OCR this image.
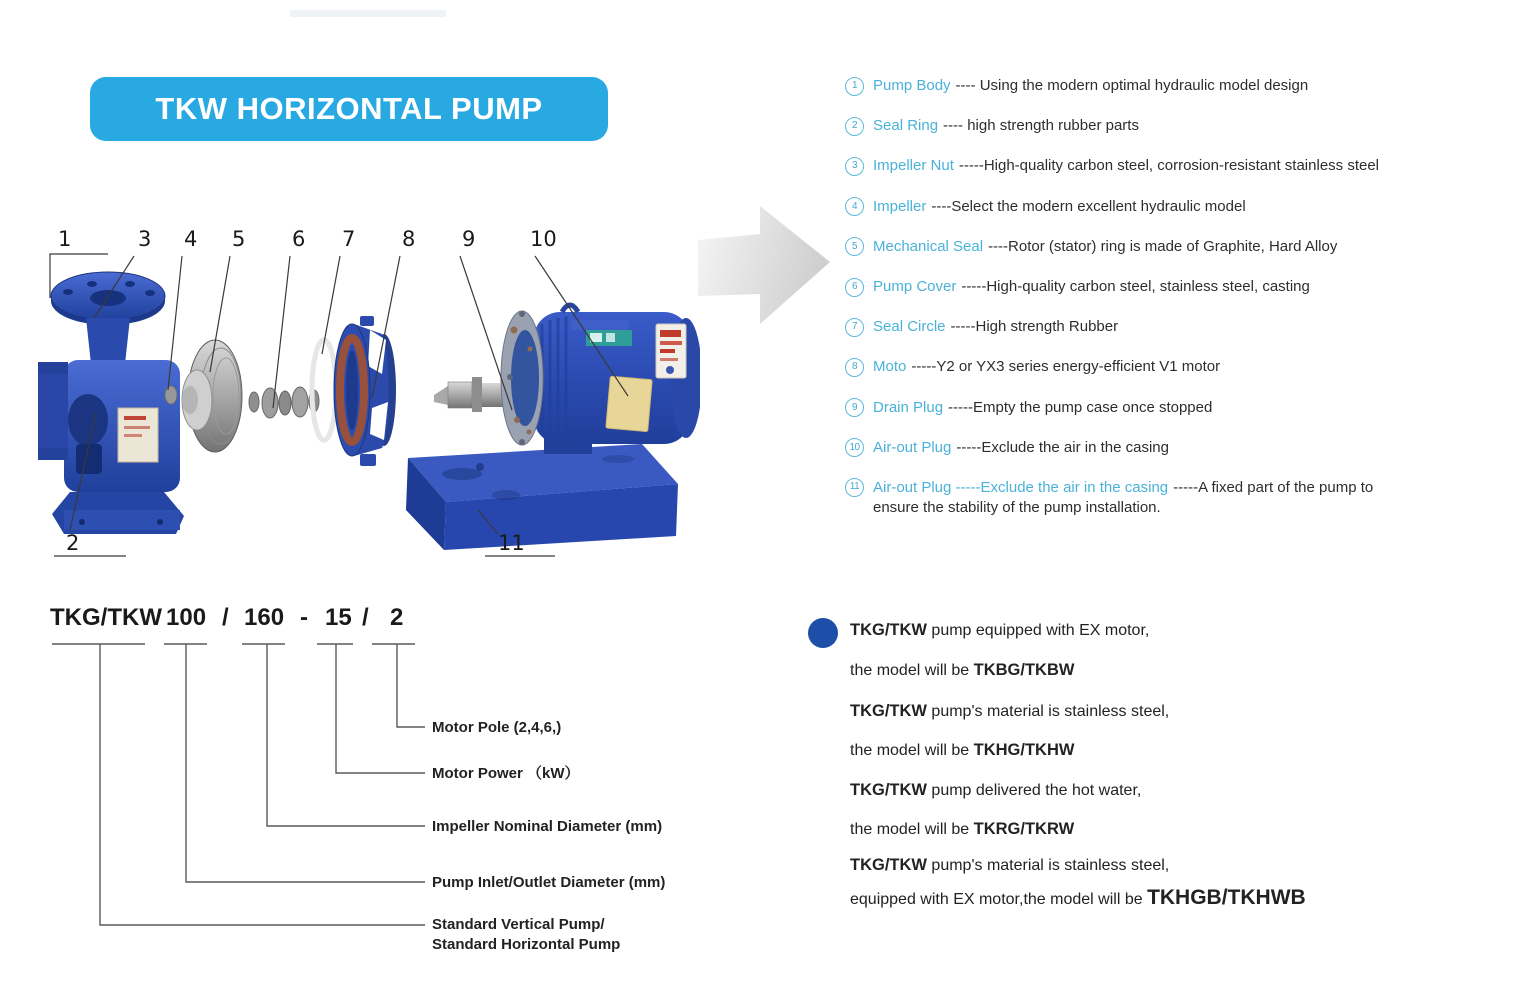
TKW HORIZONTAL PUMP
1	3 4 5 6 7 8 9	10
2	11
1	Pump Body ---- Using the modern optimal hydraulic model design
2	Seal Ring ---- high strength rubber parts
3	Impeller Nut -----High-quality carbon steel, corrosion-resistant stainless steel
4	Impeller ----Select the modern excellent hydraulic model
5	Mechanical Seal ----Rotor (stator) ring is made of Graphite, Hard Alloy
6	Pump Cover -----High-quality carbon steel, stainless steel, casting
7	Seal Circle -----High strength Rubber
8	Moto -----Y2 or YX3 series energy-efficient V1 motor
9	Drain Plug -----Empty the pump case once stopped
10 Air-out Plug -----Exclude the air in the casing
11 Air-out Plug -----Exclude the air in the casing -----A fixed part of the pump to
ensure the stability of the pump installation.
TKG/TKW 100 / 160 - 15 / 2
Motor Pole (2,4,6,)
Motor Power （kW）
Impeller Nominal Diameter (mm)
Pump Inlet/Outlet Diameter (mm)
Standard Vertical Pump/
Standard Horizontal Pump
TKG/TKW pump equipped with EX motor,
the model will be TKBG/TKBW
TKG/TKW pump's material is stainless steel,
the model will be TKHG/TKHW
TKG/TKW pump delivered the hot water,
the model will be TKRG/TKRW
TKG/TKW pump's material is stainless steel,
equipped with EX motor,the model will be TKHGB/TKHWB
